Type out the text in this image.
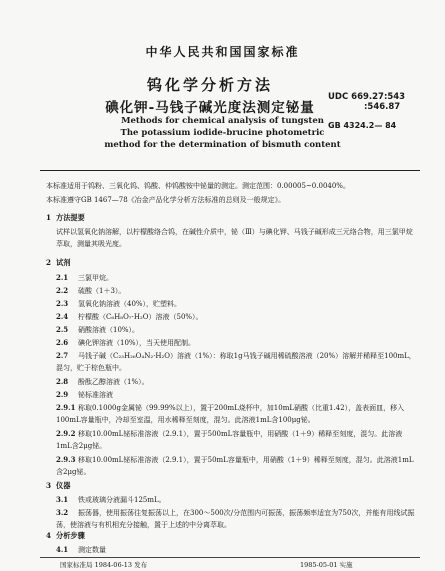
中华人民共和国国家标准
钨化学分析方法
碘化钾-马钱子碱光度法测定铋量
UDC 669.27:543
:546.87
GB 4324.2— 84
Methods for chemical analysis of tungsten
The potassium iodide-brucine photometric
method for the determination of bismuth content
本标准适用于钨粉、三氧化钨、钨酸、仲钨酸铵中铋量的测定。测定范围：0.00005~0.0040%。
本标准遵守GB 1467—78《冶金产品化学分析方法标准的总则及一般规定》。
1 方法提要
试样以氢氧化钠溶解，以柠檬酸络合钨，在碱性介质中，铋（Ⅲ）与碘化钾、马钱子碱形成三元络合物，用三氯甲烷萃取，测量其吸光度。
2 试剂
2.1 三氯甲烷。
2.2 硫酸（1＋3）。
2.3 氢氧化钠溶液（40%），贮塑料。
2.4 柠檬酸（C₆H₈O₇·H₂O）溶液（50%）。
2.5 硝酸溶液（10%）。
2.6 碘化钾溶液（10%），当天使用配制。
2.7 马钱子碱（C₂₃H₂₆O₄N₂·H₂O）溶液（1%）：称取1g马钱子碱用稀硫酸溶液（20%）溶解并稀释至100mL，混匀，贮于棕色瓶中。
2.8 酚酞乙醇溶液（1%）。
2.9 铋标准溶液
2.9.1 称取0.1000g金属铋（99.99%以上），置于200mL烧杯中，加10mL硝酸（比重1.42），盖表面皿，移入100mL容量瓶中，冷却至室温，用水稀释至刻度，混匀。此溶液1mL含100μg铋。
2.9.2 移取10.00mL铋标准溶液（2.9.1），置于500mL容量瓶中，用硝酸（1＋9）稀释至刻度，混匀。此溶液1mL含2μg铋。
2.9.3 移取10.00mL铋标准溶液（2.9.1），置于50mL容量瓶中，用硝酸（1＋9）稀释至刻度，混匀。此溶液1mL含2μg铋。
3 仪器
3.1 铁或玻璃分液漏斗125mL。
3.2 振荡器，使用振荡往复振荡以上，在300～500次/分范围内可振荡，振荡频率适宜为750次，并能有用线试振荡，使溶液与有机相充分接触，置于上述的中分离萃取。
4 分析步骤
4.1 测定数量
国家标准局 1984-06-13 发布	1985-05-01 实施
